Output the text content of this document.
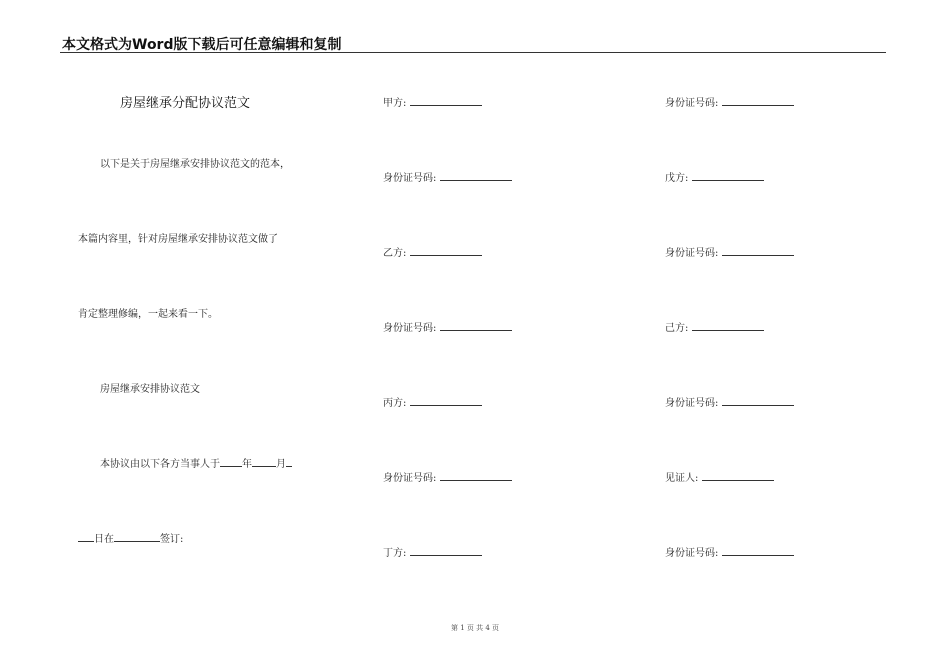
本文格式为Word版下载后可任意编辑和复制
房屋继承分配协议范文
以下是关于房屋继承安排协议范文的范本，
本篇内容里，针对房屋继承安排协议范文做了
肯定整理修编，一起来看一下。
房屋继承安排协议范文
本协议由以下各方当事人于 年 月
日在	签订:
甲方:
身份证号码:
乙方:
身份证号码:
丙方:
身份证号码:
丁方:
身份证号码:
戊方:
身份证号码:
己方:
身份证号码:
见证人:
身份证号码:
第 1 页 共 4 页
